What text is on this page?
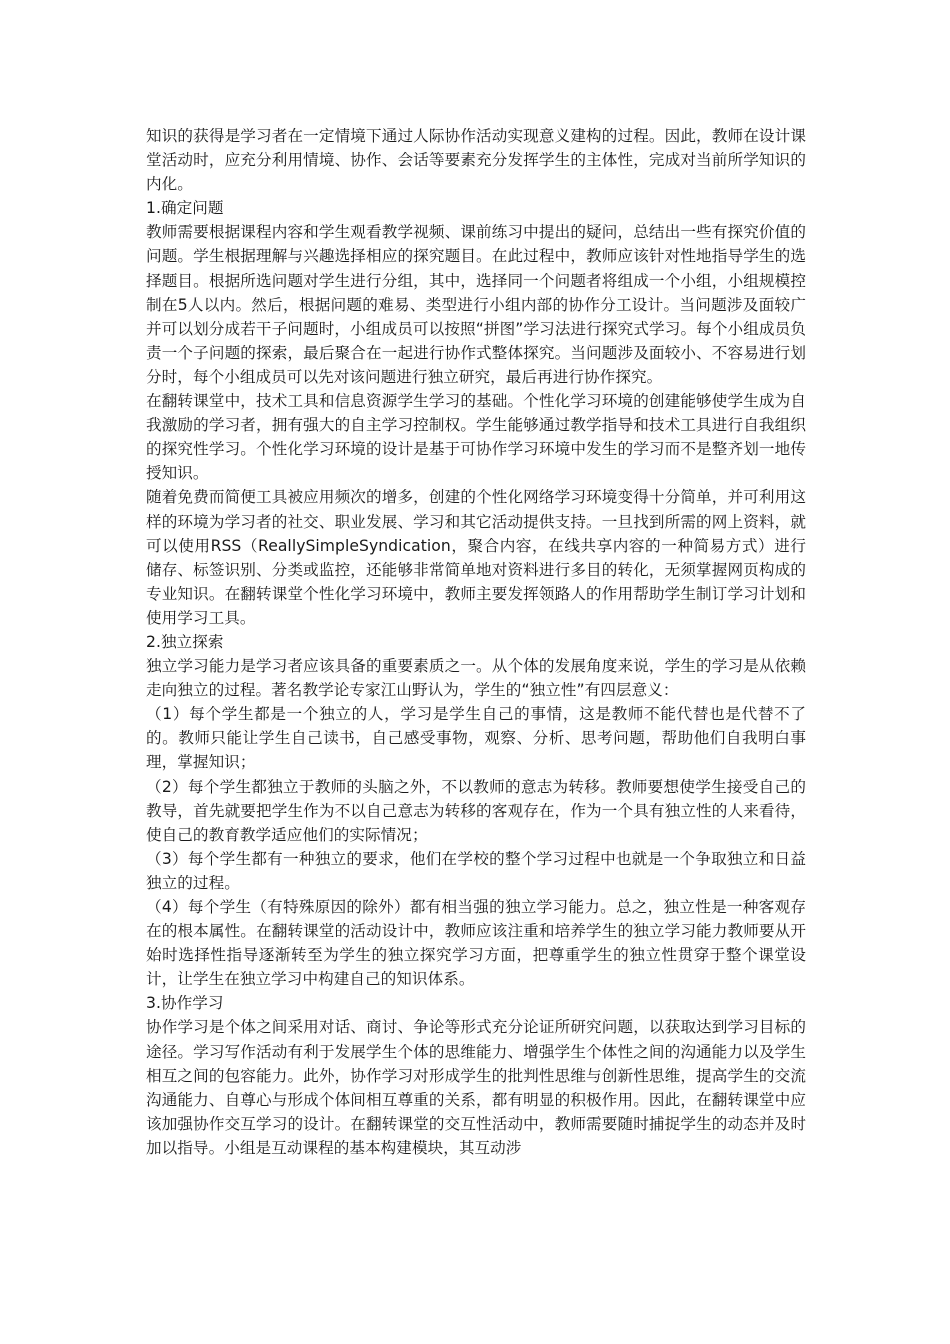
知识的获得是学习者在一定情境下通过人际协作活动实现意义建构的过程。因此，教师在设计课堂活动时，应充分利用情境、协作、会话等要素充分发挥学生的主体性，完成对当前所学知识的内化。

1.确定问题

教师需要根据课程内容和学生观看教学视频、课前练习中提出的疑问，总结出一些有探究价值的问题。学生根据理解与兴趣选择相应的探究题目。在此过程中，教师应该针对性地指导学生的选择题目。根据所选问题对学生进行分组，其中，选择同一个问题者将组成一个小组，小组规模控制在5人以内。然后，根据问题的难易、类型进行小组内部的协作分工设计。当问题涉及面较广并可以划分成若干子问题时，小组成员可以按照“拼图”学习法进行探究式学习。每个小组成员负责一个子问题的探索，最后聚合在一起进行协作式整体探究。当问题涉及面较小、不容易进行划分时，每个小组成员可以先对该问题进行独立研究，最后再进行协作探究。

在翻转课堂中，技术工具和信息资源学生学习的基础。个性化学习环境的创建能够使学生成为自我激励的学习者，拥有强大的自主学习控制权。学生能够通过教学指导和技术工具进行自我组织的探究性学习。个性化学习环境的设计是基于可协作学习环境中发生的学习而不是整齐划一地传授知识。

随着免费而简便工具被应用频次的增多，创建的个性化网络学习环境变得十分简单，并可利用这样的环境为学习者的社交、职业发展、学习和其它活动提供支持。一旦找到所需的网上资料，就可以使用RSS（ReallySimpleSyndication，聚合内容，在线共享内容的一种简易方式）进行储存、标签识别、分类或监控，还能够非常简单地对资料进行多目的转化，无须掌握网页构成的专业知识。在翻转课堂个性化学习环境中，教师主要发挥领路人的作用帮助学生制订学习计划和使用学习工具。

2.独立探索

独立学习能力是学习者应该具备的重要素质之一。从个体的发展角度来说，学生的学习是从依赖走向独立的过程。著名教学论专家江山野认为，学生的“独立性”有四层意义：

（1）每个学生都是一个独立的人，学习是学生自己的事情，这是教师不能代替也是代替不了的。教师只能让学生自己读书，自己感受事物，观察、分析、思考问题，帮助他们自我明白事理，掌握知识；

（2）每个学生都独立于教师的头脑之外，不以教师的意志为转移。教师要想使学生接受自己的教导，首先就要把学生作为不以自己意志为转移的客观存在，作为一个具有独立性的人来看待，使自己的教育教学适应他们的实际情况；

（3）每个学生都有一种独立的要求，他们在学校的整个学习过程中也就是一个争取独立和日益独立的过程。

（4）每个学生（有特殊原因的除外）都有相当强的独立学习能力。总之，独立性是一种客观存在的根本属性。在翻转课堂的活动设计中，教师应该注重和培养学生的独立学习能力教师要从开始时选择性指导逐渐转至为学生的独立探究学习方面，把尊重学生的独立性贯穿于整个课堂设计，让学生在独立学习中构建自己的知识体系。

3.协作学习

协作学习是个体之间采用对话、商讨、争论等形式充分论证所研究问题，以获取达到学习目标的途径。学习写作活动有利于发展学生个体的思维能力、增强学生个体性之间的沟通能力以及学生相互之间的包容能力。此外，协作学习对形成学生的批判性思维与创新性思维，提高学生的交流沟通能力、自尊心与形成个体间相互尊重的关系，都有明显的积极作用。因此，在翻转课堂中应该加强协作交互学习的设计。在翻转课堂的交互性活动中，教师需要随时捕捉学生的动态并及时加以指导。小组是互动课程的基本构建模块，其互动涉
